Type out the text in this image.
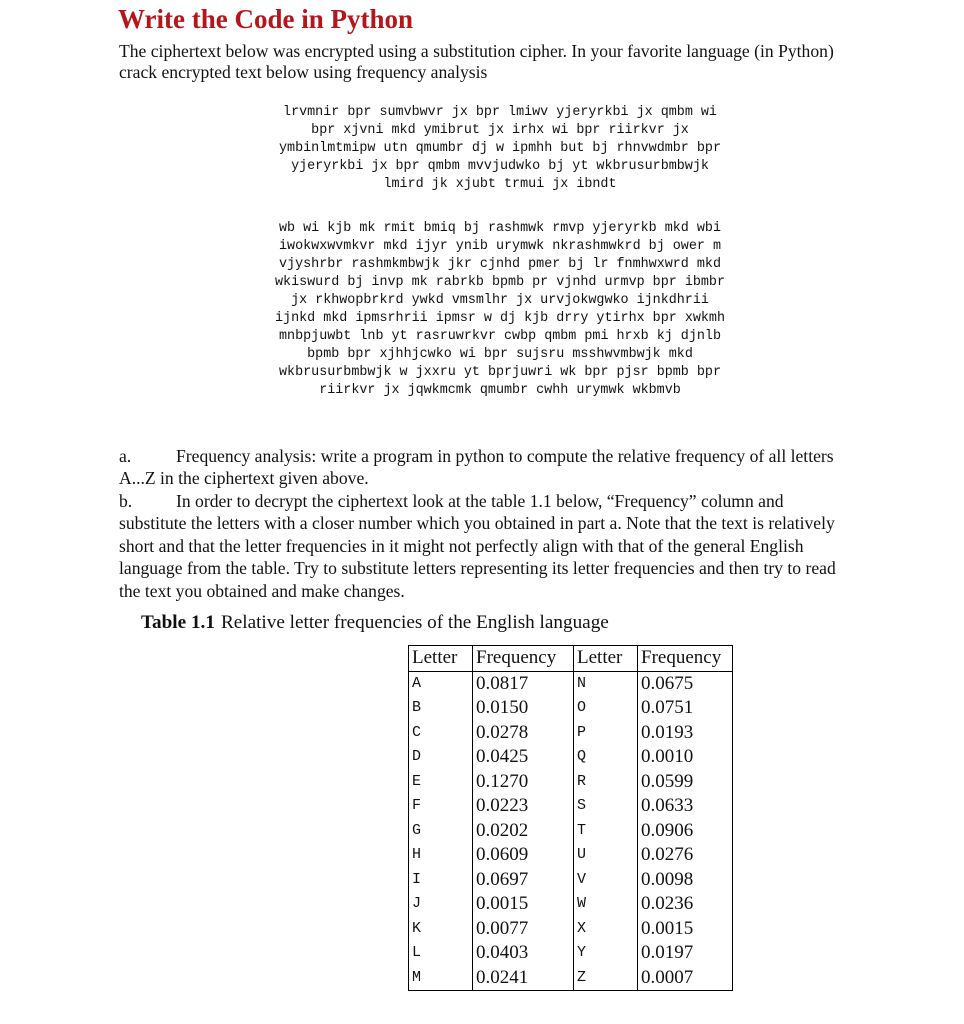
Write the Code in Python
The ciphertext below was encrypted using a substitution cipher. In your favorite language (in Python) crack encrypted text below using frequency analysis
lrvmnir bpr sumvbwvr jx bpr lmiwv yjeryrkbi jx qmbm wi
bpr xjvni mkd ymibrut jx irhx wi bpr riirkvr jx
ymbinlmtmipw utn qmumbr dj w ipmhh but bj rhnvwdmbr bpr
yjeryrkbi jx bpr qmbm mvvjudwko bj yt wkbrusurbmbwjk
lmird jk xjubt trmui jx ibndt
wb wi kjb mk rmit bmiq bj rashmwk rmvp yjeryrkb mkd wbi
iwokwxwvmkvr mkd ijyr ynib urymwk nkrashmwkrd bj ower m
vjyshrbr rashmkmbwjk jkr cjnhd pmer bj lr fnmhwxwrd mkd
wkiswurd bj invp mk rabrkb bpmb pr vjnhd urmvp bpr ibmbr
jx rkhwopbrkrd ywkd vmsmlhr jx urvjokwgwko ijnkdhrii
ijnkd mkd ipmsrhrii ipmsr w dj kjb drry ytirhx bpr xwkmh
mnbpjuwbt lnb yt rasruwrkvr cwbp qmbm pmi hrxb kj djnlb
bpmb bpr xjhhjcwko wi bpr sujsru msshwvmbwjk mkd
wkbrusurbmbwjk w jxxru yt bprjuwri wk bpr pjsr bpmb bpr
riirkvr jx jqwkmcmk qmumbr cwhh urymwk wkbmvb
a.	Frequency analysis: write a program in python to compute the relative frequency of all letters A...Z in the ciphertext given above.
b. In order to decrypt the ciphertext look at the table 1.1 below, “Frequency” column and substitute the letters with a closer number which you obtained in part a. Note that the text is relatively short and that the letter frequencies in it might not perfectly align with that of the general English language from the table. Try to substitute letters representing its letter frequencies and then try to read the text you obtained and make changes.
Table 1.1 Relative letter frequencies of the English language
Letter	Frequency	Letter	Frequency
A	0.0817	N	0.0675
B	0.0150	O	0.0751
C	0.0278	P	0.0193
D	0.0425	Q	0.0010
E	0.1270	R	0.0599
F	0.0223	S	0.0633
G	0.0202	T	0.0906
H	0.0609	U	0.0276
I	0.0697	V	0.0098
J	0.0015	W	0.0236
K	0.0077	X	0.0015
L	0.0403	Y	0.0197
M	0.0241	Z	0.0007
